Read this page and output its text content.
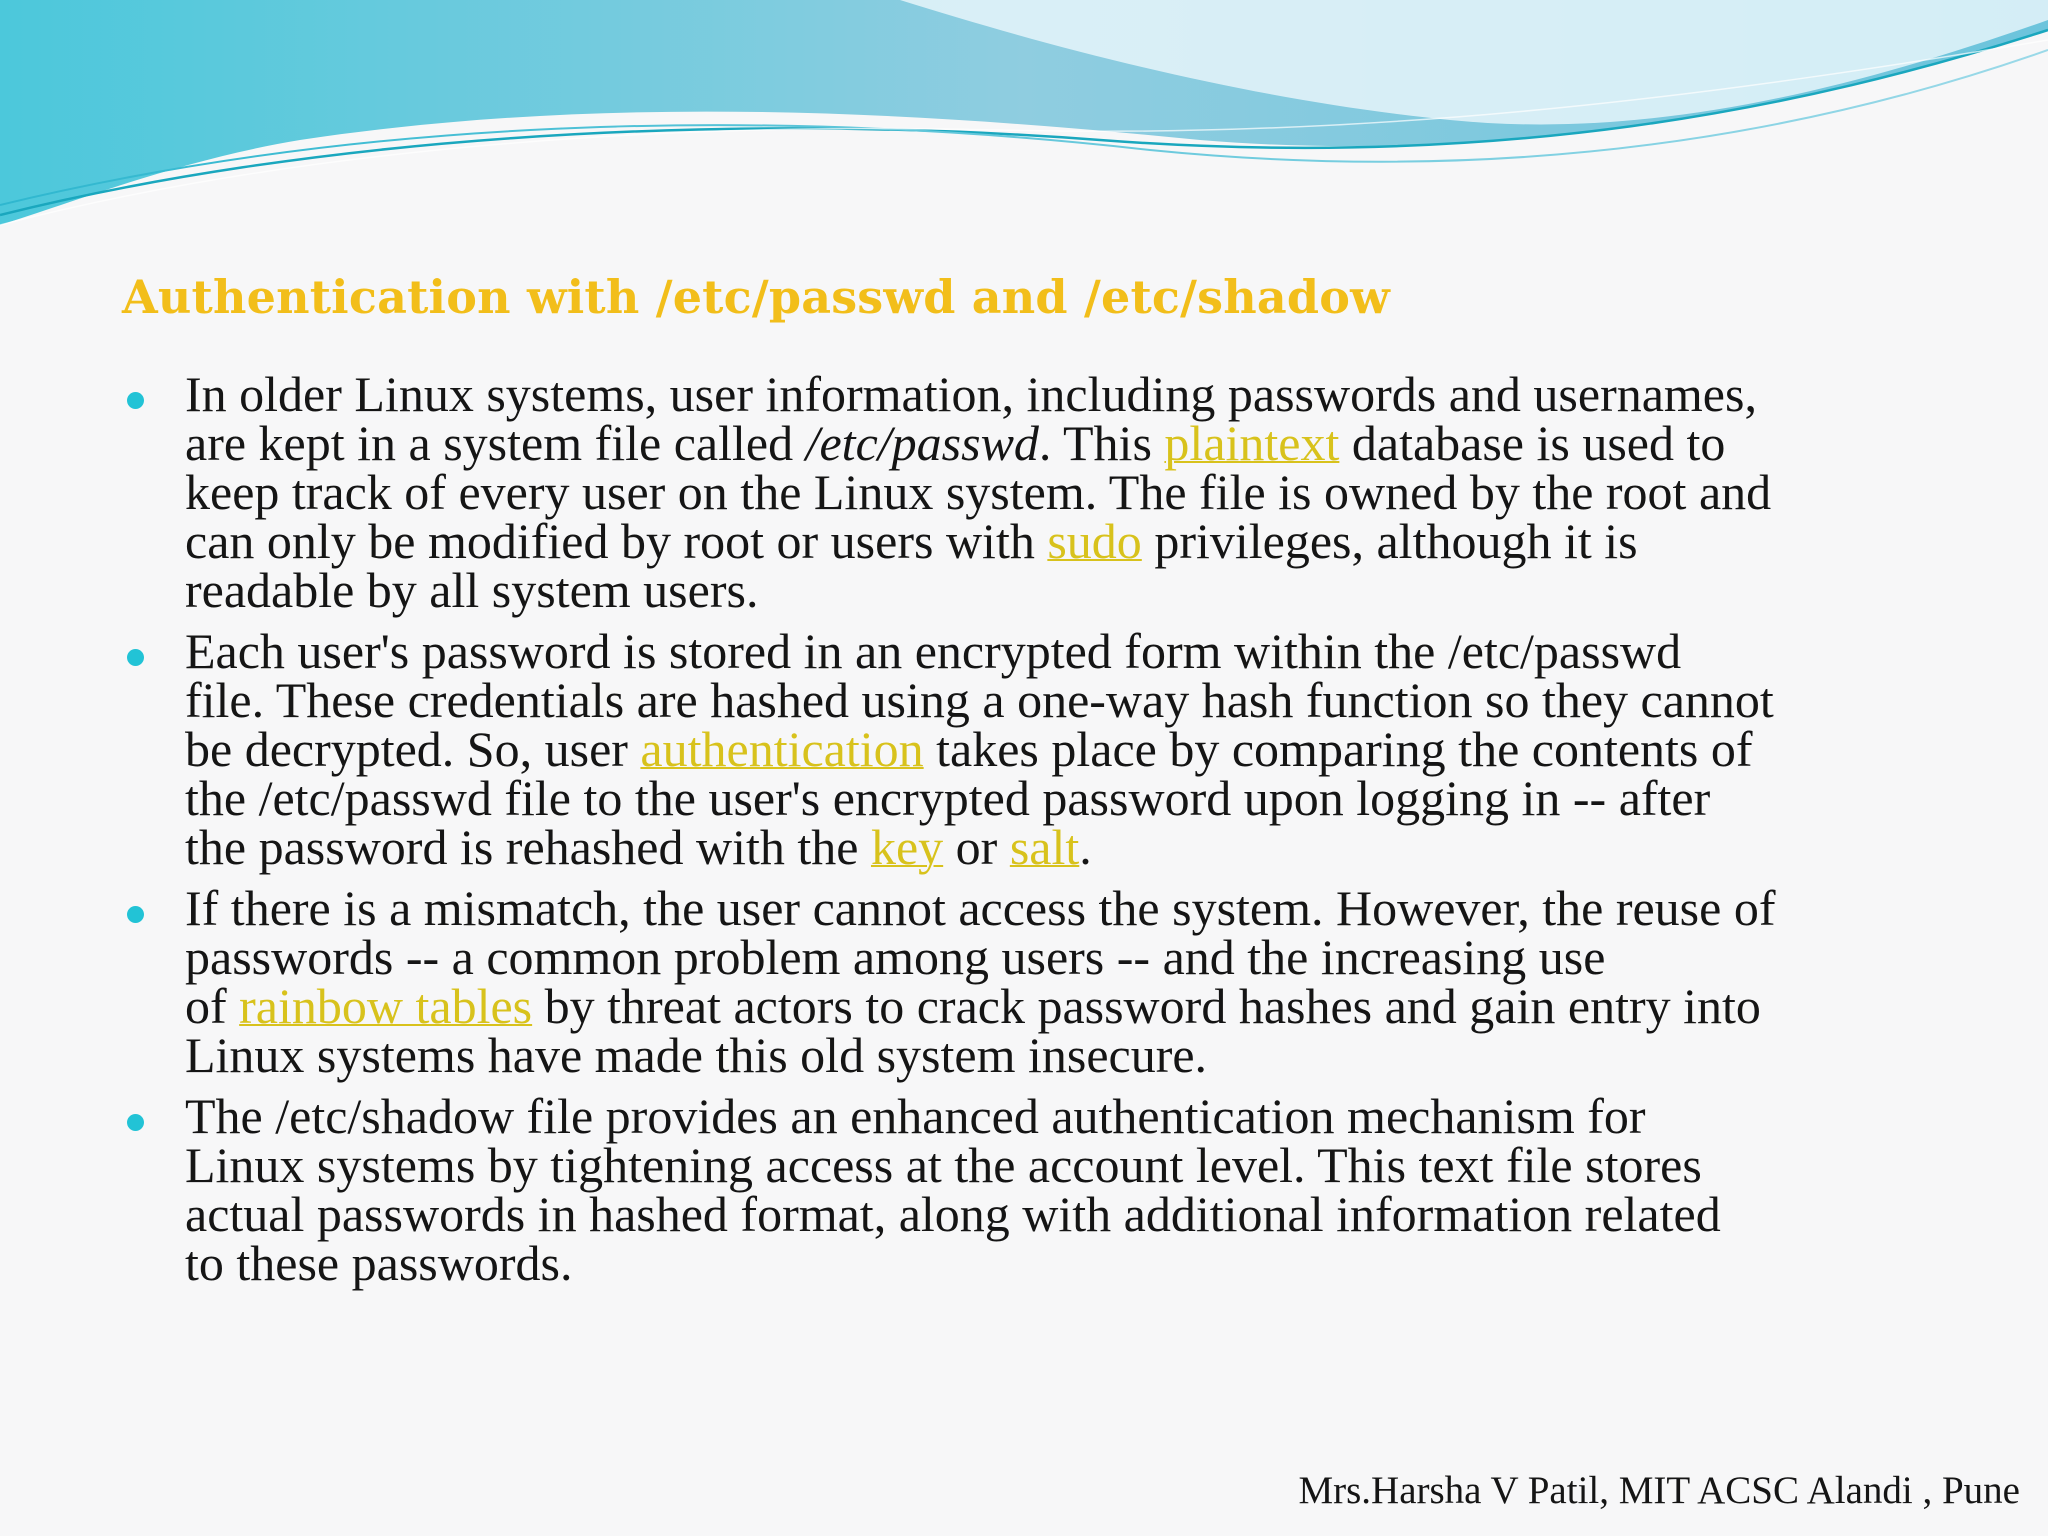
Authentication with /etc/passwd and /etc/shadow
In older Linux systems, user information, including passwords and usernames,
are kept in a system file called /etc/passwd. This plaintext database is used to
keep track of every user on the Linux system. The file is owned by the root and
can only be modified by root or users with sudo privileges, although it is
readable by all system users.
Each user's password is stored in an encrypted form within the /etc/passwd
file. These credentials are hashed using a one-way hash function so they cannot
be decrypted. So, user authentication takes place by comparing the contents of
the /etc/passwd file to the user's encrypted password upon logging in -- after
the password is rehashed with the key or salt.
If there is a mismatch, the user cannot access the system. However, the reuse of
passwords -- a common problem among users -- and the increasing use
of rainbow tables by threat actors to crack password hashes and gain entry into
Linux systems have made this old system insecure.
The /etc/shadow file provides an enhanced authentication mechanism for
Linux systems by tightening access at the account level. This text file stores
actual passwords in hashed format, along with additional information related
to these passwords.
Mrs.Harsha V Patil, MIT ACSC Alandi , Pune
